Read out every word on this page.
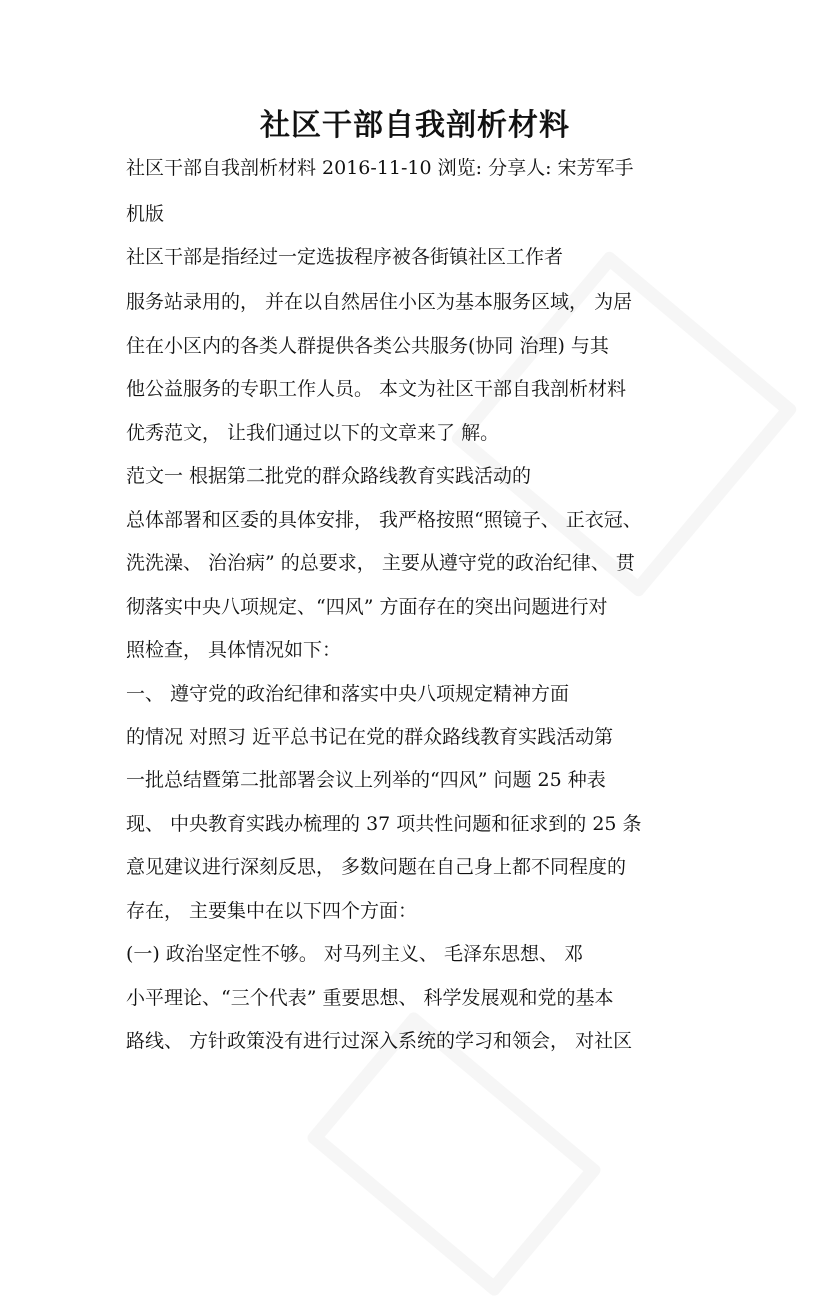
社区干部自我剖析材料
社区干部自我剖析材料 2016-11-10 浏览: 分享人: 宋芳军手
机版
社区干部是指经过一定选拔程序被各街镇社区工作者
服务站录用的， 并在以自然居住小区为基本服务区域， 为居
住在小区内的各类人群提供各类公共服务(协同 治理) 与其
他公益服务的专职工作人员。 本文为社区干部自我剖析材料
优秀范文， 让我们通过以下的文章来了 解。
范文一 根据第二批党的群众路线教育实践活动的
总体部署和区委的具体安排， 我严格按照“照镜子、 正衣冠、
洗洗澡、 治治病” 的总要求， 主要从遵守党的政治纪律、 贯
彻落实中央八项规定、“四风” 方面存在的突出问题进行对
照检查， 具体情况如下：
一、 遵守党的政治纪律和落实中央八项规定精神方面
的情况 对照习 近平总书记在党的群众路线教育实践活动第
一批总结暨第二批部署会议上列举的“四风” 问题 25 种表
现、 中央教育实践办梳理的 37 项共性问题和征求到的 25 条
意见建议进行深刻反思， 多数问题在自己身上都不同程度的
存在， 主要集中在以下四个方面：
(一) 政治坚定性不够。 对马列主义、 毛泽东思想、 邓
小平理论、“三个代表” 重要思想、 科学发展观和党的基本
路线、 方针政策没有进行过深入系统的学习和领会， 对社区
